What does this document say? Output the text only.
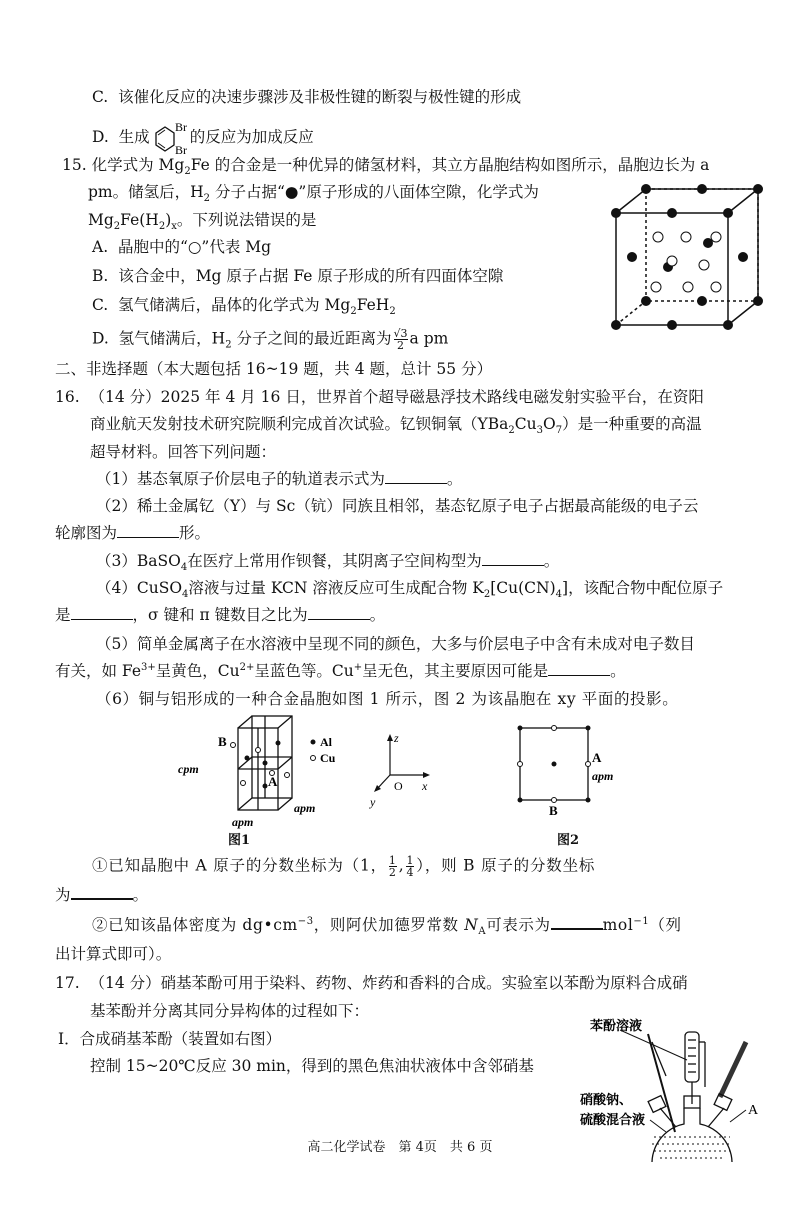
C. 该催化反应的决速步骤涉及非极性键的断裂与极性键的形成
D. 生成
Br
Br
的反应为加成反应
15. 化学式为 $Mg_2Fe$ 的合金是一种优异的储氢材料，其立方晶胞结构如图所示，晶胞边长为 a
pm。储氢后，$H_2$ 分子占据“●”原子形成的八面体空隙，化学式为
$Mg_2Fe(H_2)_x$。下列说法错误的是
A. 晶胞中的“○”代表 Mg
B. 该合金中，Mg 原子占据 Fe 原子形成的所有四面体空隙
C. 氢气储满后，晶体的化学式为 $Mg_2FeH_2$
D. 氢气储满后，$H_2$ 分子之间的最近距离为 $\frac{√3}{2}$ a pm
二、非选择题（本大题包括 16~19 题，共 4 题，总计 55 分）
16. （14 分）2025 年 4 月 16 日，世界首个超导磁悬浮技术路线电磁发射实验平台，在资阳
商业航天发射技术研究院顺利完成首次试验。钇钡铜氧$(YBa_2Cu_3O_7)$是一种重要的高温
超导材料。回答下列问题：
（1）基态氧原子价层电子的轨道表示式为	。
（2）稀土金属钇（Y）与 Sc（钪）同族且相邻，基态钇原子电子占据最高能级的电子云
轮廓图为	形。
（3）BaSO$_4$在医疗上常用作钡餐，其阴离子空间构型为	。
（4）CuSO$_4$溶液与过量 KCN 溶液反应可生成配合物 $K_2[Cu(CN)_4]$，该配合物中配位原子
是	，σ 键和 π 键数目之比为	。
（5）简单金属离子在水溶液中呈现不同的颜色，大多与价层电子中含有未成对电子数目
有关，如 $Fe^{3+}$呈黄色，$Cu^{2+}$呈蓝色等。Cu+呈无色，其主要原因可能是	。
（6）铜与铝形成的一种合金晶胞如图 1 所示，图 2 为该晶胞在 xy 平面的投影。
B
A
cpm
apm
apm
Al
Cu
图1
z
x
y
O
A
apm
B
图2
①已知晶胞中 A 原子的分数坐标为（1， $\frac{1}{2}$ , $\frac{1}{4}$ ），则 B 原子的分数坐标
为	。
②已知该晶体密度为 $dg•cm^{-3}$，则阿伏加德罗常数 $N_A$可表示为	mol$^{-1}$（列
出计算式即可）。
17. （14 分）硝基苯酚可用于染料、药物、炸药和香料的合成。实验室以苯酚为原料合成硝
基苯酚并分离其同分异构体的过程如下：
Ⅰ．合成硝基苯酚（装置如右图）
控制 15~20℃反应 30 min，得到的黑色焦油状液体中含邻硝基
苯酚溶液
硝酸钠、
硫酸混合液
A
高二化学试卷　第 4页　共 6 页
